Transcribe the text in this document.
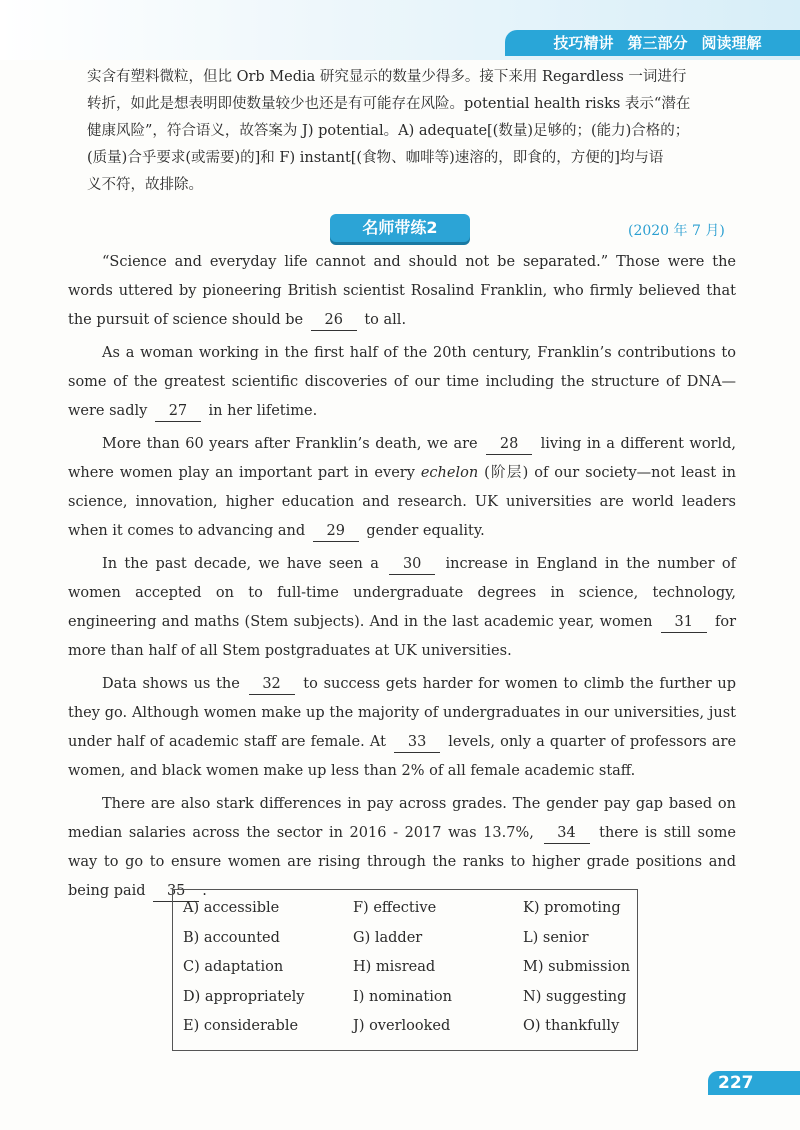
技巧精讲 第三部分 阅读理解

实含有塑料微粒，但比 Orb Media 研究显示的数量少得多。接下来用 Regardless 一词进行

转折，如此是想表明即使数量较少也还是有可能存在风险。potential health risks 表示“潜在

健康风险”，符合语义，故答案为 J) potential。A) adequate[(数量)足够的；(能力)合格的；

(质量)合乎要求(或需要)的]和 F) instant[(食物、咖啡等)速溶的，即食的，方便的]均与语

义不符，故排除。

名师带练2	(2020 年 7 月)

“Science and everyday life cannot and should not be separated.” Those were the words uttered by pioneering British scientist Rosalind Franklin, who firmly believed that the pursuit of science should be 26 to all.

As a woman working in the first half of the 20th century, Franklin’s contributions to some of the greatest scientific discoveries of our time including the structure of DNA—were sadly 27 in her lifetime.

More than 60 years after Franklin’s death, we are 28 living in a different world, where women play an important part in every echelon (阶层) of our society—not least in science, innovation, higher education and research. UK universities are world leaders when it comes to advancing and 29 gender equality.

In the past decade, we have seen a 30 increase in England in the number of women accepted on to full-time undergraduate degrees in science, technology, engineering and maths (Stem subjects). And in the last academic year, women 31 for more than half of all Stem postgraduates at UK universities.

Data shows us the 32 to success gets harder for women to climb the further up they go. Although women make up the majority of undergraduates in our universities, just under half of academic staff are female. At 33 levels, only a quarter of professors are women, and black women make up less than 2% of all female academic staff.

There are also stark differences in pay across grades. The gender pay gap based on median salaries across the sector in 2016 - 2017 was 13.7%, 34 there is still some way to go to ensure women are rising through the ranks to higher grade positions and being paid 35 .

A) accessible	F) effective	K) promoting
B) accounted	G) ladder	L) senior
C) adaptation	H) misread	M) submission
D) appropriately	I) nomination	N) suggesting
E) considerable	J) overlooked	O) thankfully
227
